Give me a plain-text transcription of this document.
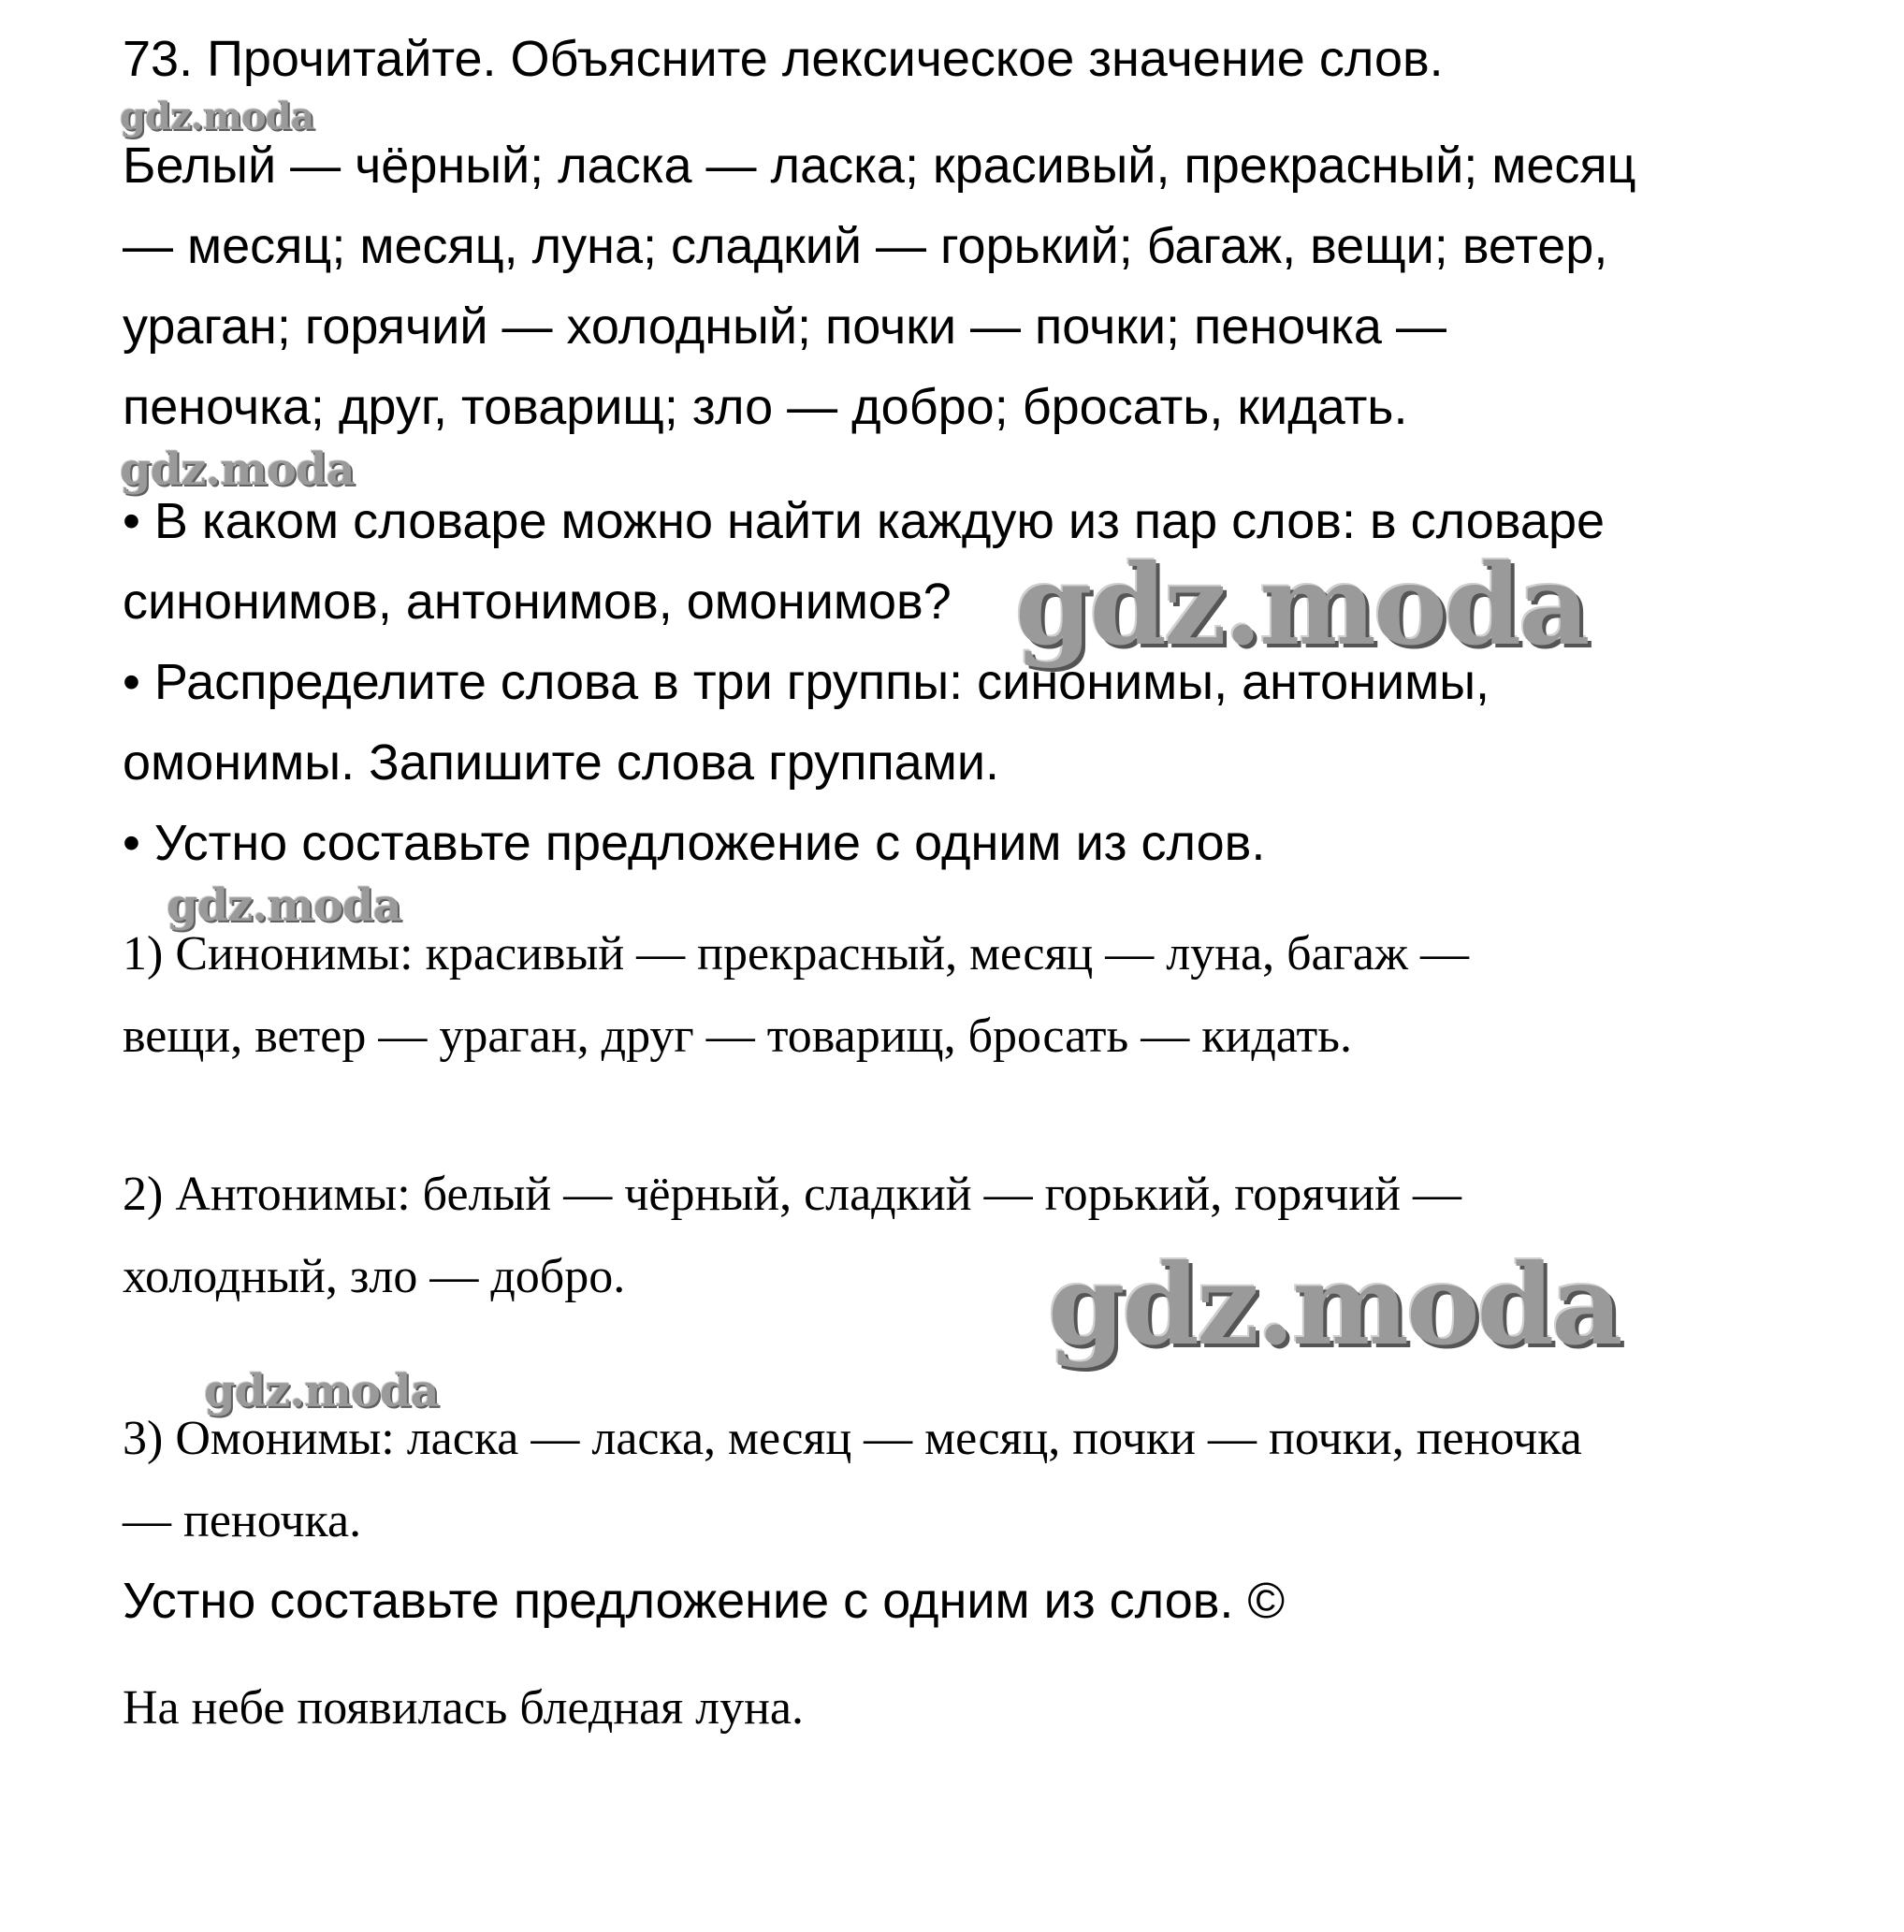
73. Прочитайте. Объясните лексическое значение слов.

gdz.moda

Белый — чёрный; ласка — ласка; красивый, прекрасный; месяц

— месяц; месяц, луна; сладкий — горький; багаж, вещи; ветер,

ураган; горячий — холодный; почки — почки; пеночка —

пеночка; друг, товарищ; зло — добро; бросать, кидать.

gdz.moda

• В каком словаре можно найти каждую из пар слов: в словаре

синонимов, антонимов, омонимов? gdz.moda

• Распределите слова в три группы: синонимы, антонимы,

омонимы. Запишите слова группами.

• Устно составьте предложение с одним из слов.

gdz.moda

1) Синонимы: красивый — прекрасный, месяц — луна, багаж —

вещи, ветер — ураган, друг — товарищ, бросать — кидать.

2) Антонимы: белый — чёрный, сладкий — горький, горячий —

холодный, зло — добро.	gdz.moda
gdz.moda

3) Омонимы: ласка — ласка, месяц — месяц, почки — почки, пеночка

— пеночка.

Устно составьте предложение с одним из слов. ©

На небе появилась бледная луна.
